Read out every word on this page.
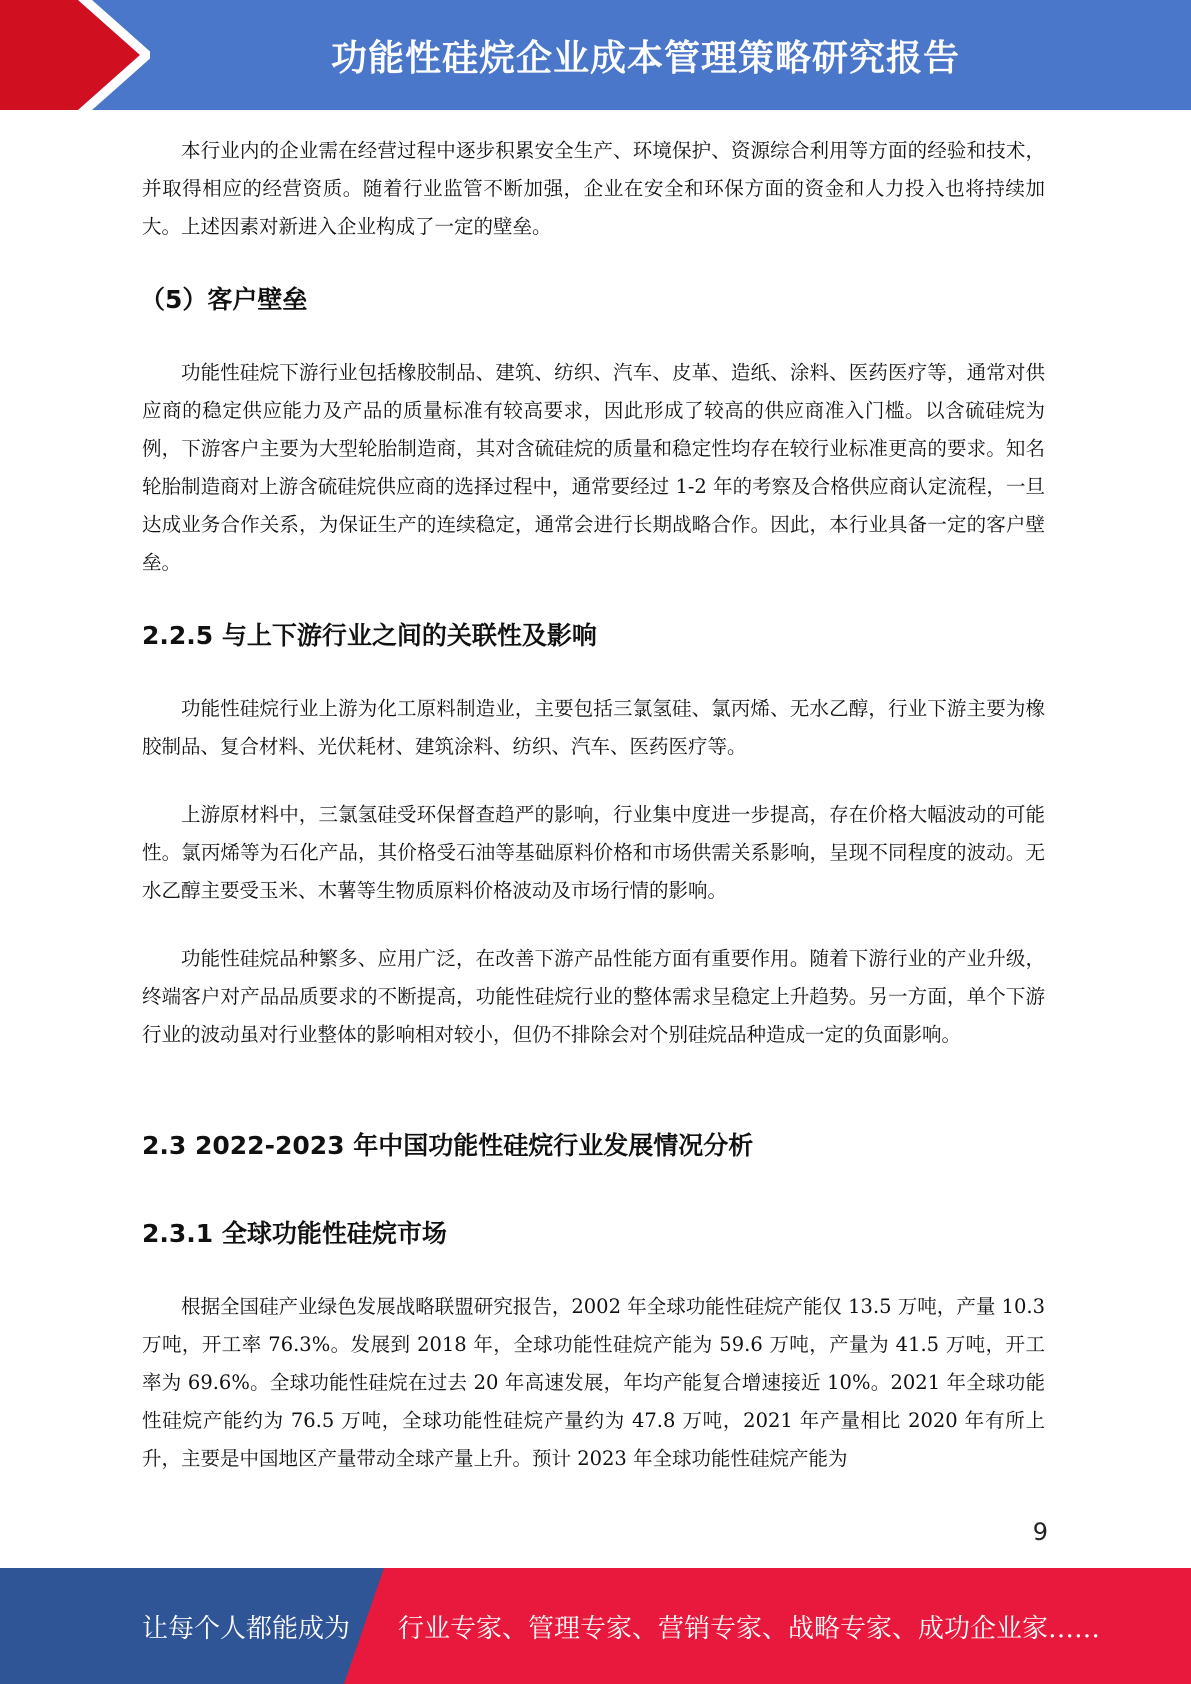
功能性硅烷企业成本管理策略研究报告

本行业内的企业需在经营过程中逐步积累安全生产、环境保护、资源综合利用等方面的经验和技术，并取得相应的经营资质。随着行业监管不断加强，企业在安全和环保方面的资金和人力投入也将持续加大。上述因素对新进入企业构成了一定的壁垒。

（5）客户壁垒

功能性硅烷下游行业包括橡胶制品、建筑、纺织、汽车、皮革、造纸、涂料、医药医疗等，通常对供应商的稳定供应能力及产品的质量标准有较高要求，因此形成了较高的供应商准入门槛。以含硫硅烷为例，下游客户主要为大型轮胎制造商，其对含硫硅烷的质量和稳定性均存在较行业标准更高的要求。知名轮胎制造商对上游含硫硅烷供应商的选择过程中，通常要经过 1-2 年的考察及合格供应商认定流程，一旦达成业务合作关系，为保证生产的连续稳定，通常会进行长期战略合作。因此，本行业具备一定的客户壁垒。

2.2.5 与上下游行业之间的关联性及影响

功能性硅烷行业上游为化工原料制造业，主要包括三氯氢硅、氯丙烯、无水乙醇，行业下游主要为橡胶制品、复合材料、光伏耗材、建筑涂料、纺织、汽车、医药医疗等。

上游原材料中，三氯氢硅受环保督查趋严的影响，行业集中度进一步提高，存在价格大幅波动的可能性。氯丙烯等为石化产品，其价格受石油等基础原料价格和市场供需关系影响，呈现不同程度的波动。无水乙醇主要受玉米、木薯等生物质原料价格波动及市场行情的影响。

功能性硅烷品种繁多、应用广泛，在改善下游产品性能方面有重要作用。随着下游行业的产业升级，终端客户对产品品质要求的不断提高，功能性硅烷行业的整体需求呈稳定上升趋势。另一方面，单个下游行业的波动虽对行业整体的影响相对较小，但仍不排除会对个别硅烷品种造成一定的负面影响。

2.3 2022-2023 年中国功能性硅烷行业发展情况分析
2.3.1 全球功能性硅烷市场

根据全国硅产业绿色发展战略联盟研究报告，2002 年全球功能性硅烷产能仅 13.5 万吨，产量 10.3 万吨，开工率 76.3%。发展到 2018 年，全球功能性硅烷产能为 59.6 万吨，产量为 41.5 万吨，开工率为 69.6%。全球功能性硅烷在过去 20 年高速发展，年均产能复合增速接近 10%。2021 年全球功能性硅烷产能约为 76.5 万吨，全球功能性硅烷产量约为 47.8 万吨，2021 年产量相比 2020 年有所上升，主要是中国地区产量带动全球产量上升。预计 2023 年全球功能性硅烷产能为

9
让每个人都能成为 行业专家、管理专家、营销专家、战略专家、成功企业家……
